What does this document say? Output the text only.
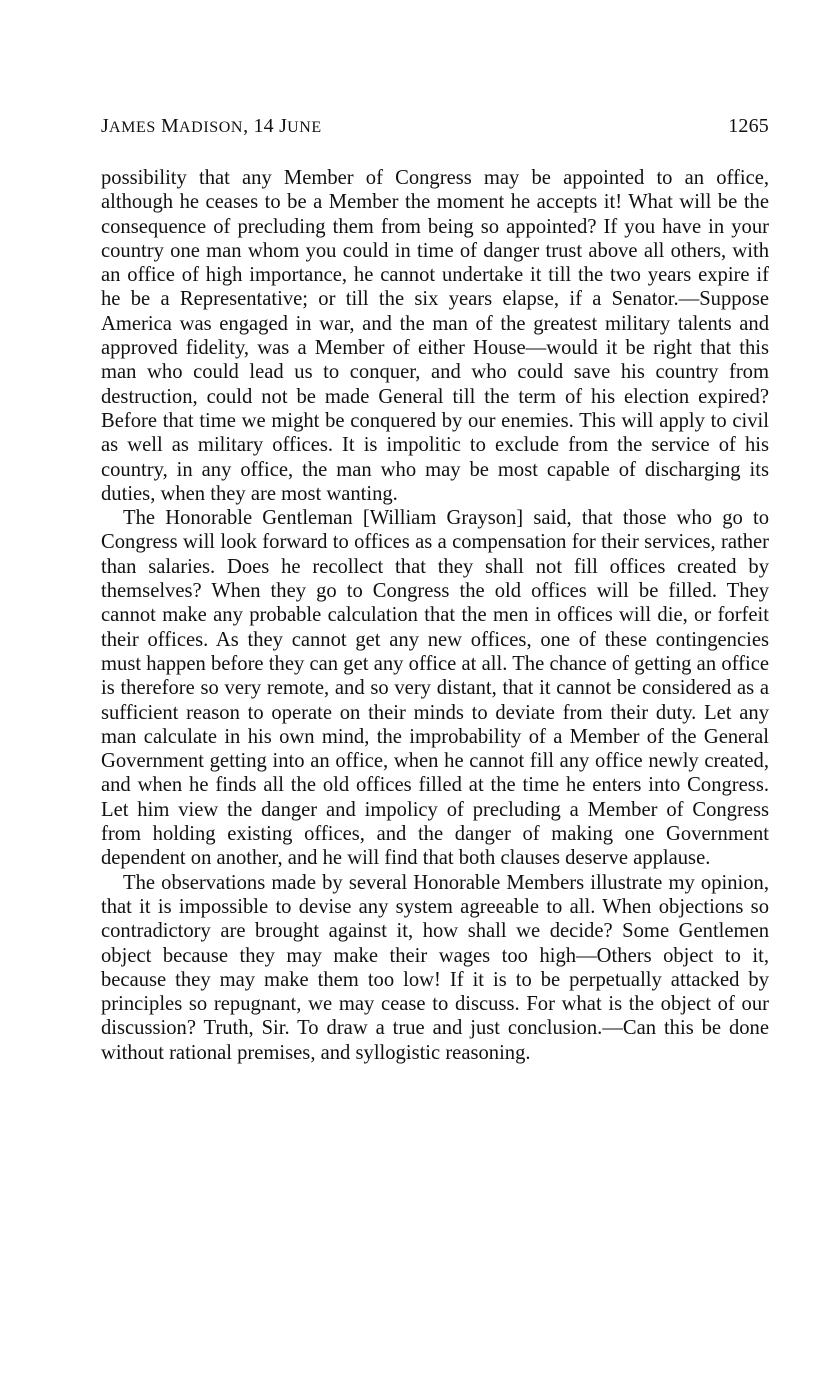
JAMES MADISON, 14 JUNE	1265

possibility that any Member of Congress may be appointed to an office, although he ceases to be a Member the moment he accepts it! What will be the consequence of precluding them from being so appointed? If you have in your country one man whom you could in time of danger trust above all others, with an office of high importance, he cannot undertake it till the two years expire if he be a Representative; or till the six years elapse, if a Senator.—Suppose America was engaged in war, and the man of the greatest military talents and approved fidelity, was a Member of either House—would it be right that this man who could lead us to conquer, and who could save his country from destruction, could not be made General till the term of his election expired? Before that time we might be conquered by our enemies. This will apply to civil as well as military offices. It is impolitic to exclude from the service of his country, in any office, the man who may be most capable of discharging its duties, when they are most wanting.

The Honorable Gentleman [William Grayson] said, that those who go to Congress will look forward to offices as a compensation for their services, rather than salaries. Does he recollect that they shall not fill offices created by themselves? When they go to Congress the old offices will be filled. They cannot make any probable calculation that the men in offices will die, or forfeit their offices. As they cannot get any new offices, one of these contingencies must happen before they can get any office at all. The chance of getting an office is therefore so very remote, and so very distant, that it cannot be considered as a sufficient reason to operate on their minds to deviate from their duty. Let any man calculate in his own mind, the improbability of a Member of the General Government getting into an office, when he cannot fill any office newly created, and when he finds all the old offices filled at the time he enters into Congress. Let him view the danger and impolicy of precluding a Member of Congress from holding existing offices, and the danger of making one Government dependent on another, and he will find that both clauses deserve applause.

The observations made by several Honorable Members illustrate my opinion, that it is impossible to devise any system agreeable to all. When objections so contradictory are brought against it, how shall we decide? Some Gentlemen object because they may make their wages too high—Others object to it, because they may make them too low! If it is to be perpetually attacked by principles so repugnant, we may cease to discuss. For what is the object of our discussion? Truth, Sir. To draw a true and just conclusion.—Can this be done without rational premises, and syllogistic reasoning.
